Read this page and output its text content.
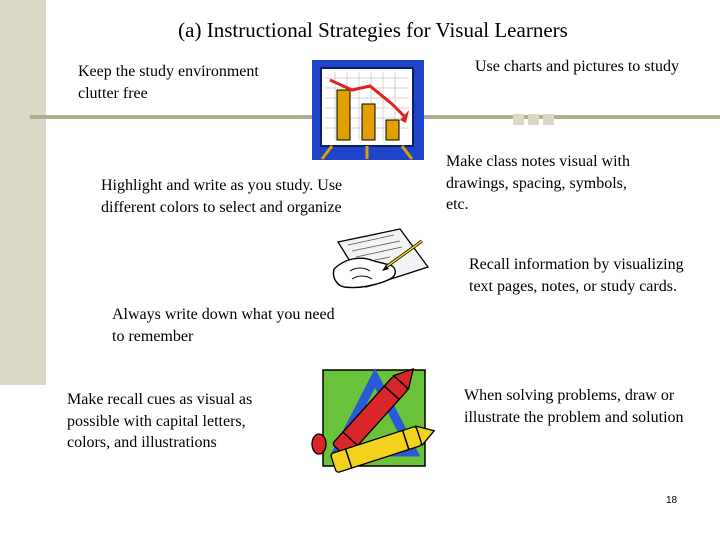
(a) Instructional Strategies for Visual Learners
Keep the study environment clutter free
Use charts and pictures to study
Highlight and write as you study. Use different colors to select and organize
Make class notes visual with drawings, spacing, symbols, etc.
Recall information by visualizing text pages, notes, or study cards.
Always write down what you need to remember
Make recall cues as visual as possible with capital letters, colors, and illustrations
When solving problems, draw or illustrate the problem and solution
18
